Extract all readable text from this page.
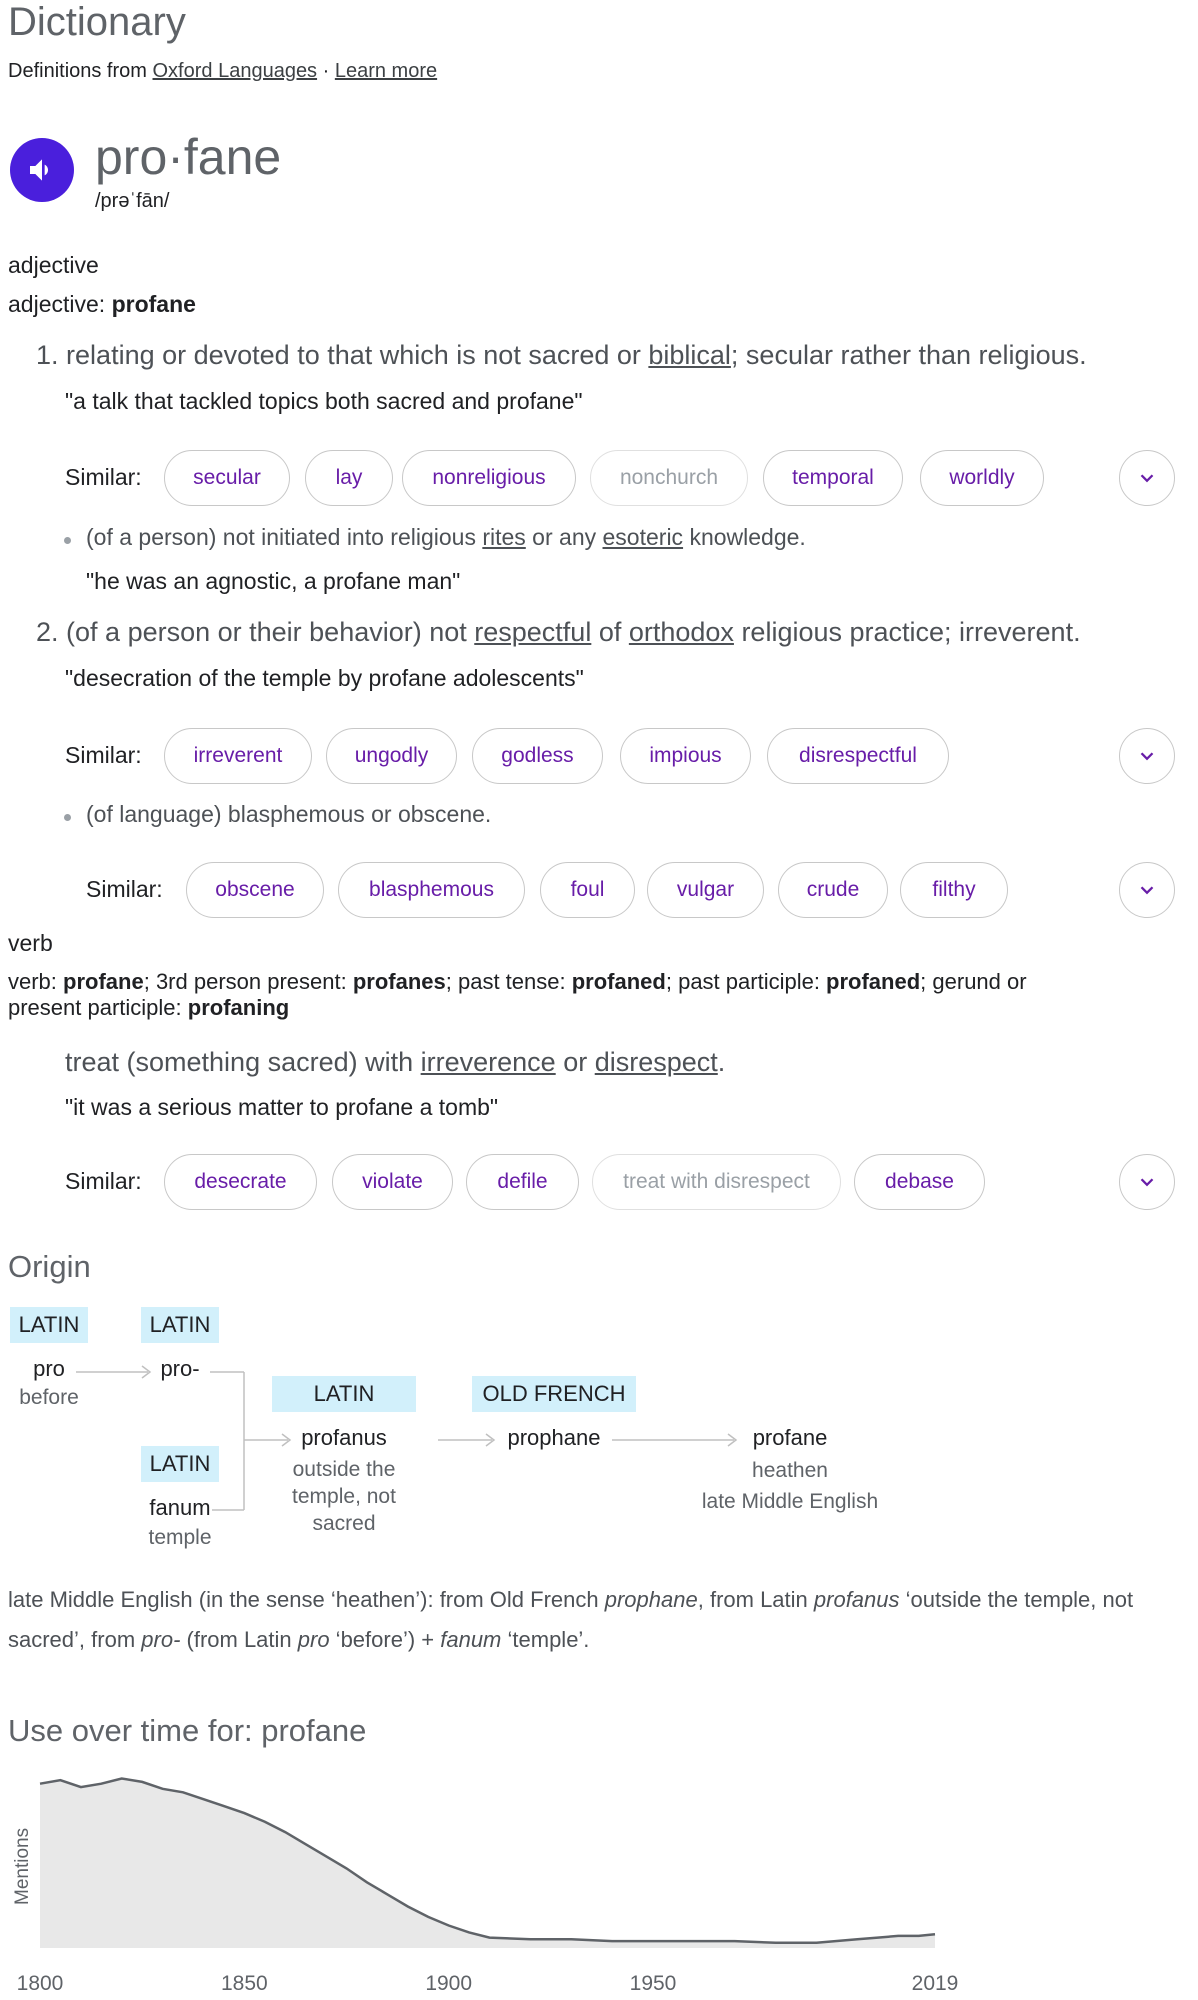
Dictionary
Definitions from Oxford Languages · Learn more
pro·fane
/prəˈfān/
adjective
adjective: profane
1. relating or devoted to that which is not sacred or biblical; secular rather than religious.
"a talk that tackled topics both sacred and profane"
Similar:	secular	lay	nonreligious	nonchurch	temporal	worldly
(of a person) not initiated into religious rites or any esoteric knowledge.
"he was an agnostic, a profane man"
2. (of a person or their behavior) not respectful of orthodox religious practice; irreverent.
"desecration of the temple by profane adolescents"
Similar:	irreverent	ungodly	godless	impious	disrespectful
(of language) blasphemous or obscene.
Similar:	obscene	blasphemous	foul	vulgar	crude	filthy
verb
verb: profane; 3rd person present: profanes; past tense: profaned; past participle: profaned; gerund or
present participle: profaning
treat (something sacred) with irreverence or disrespect.
"it was a serious matter to profane a tomb"
Similar:	desecrate	violate	defile	treat with disrespect	debase
Origin
LATIN
pro
before
LATIN
pro-
LATIN
fanum
temple
LATIN
profanus
outside the temple, not sacred
OLD FRENCH
prophane	profane
heathen
late Middle English
late Middle English (in the sense ‘heathen’): from Old French prophane, from Latin profanus ‘outside the temple, not sacred’, from pro- (from Latin pro ‘before’) + fanum ‘temple’.
Use over time for: profane
Mentions
1800	1850	1900	1950	2019
